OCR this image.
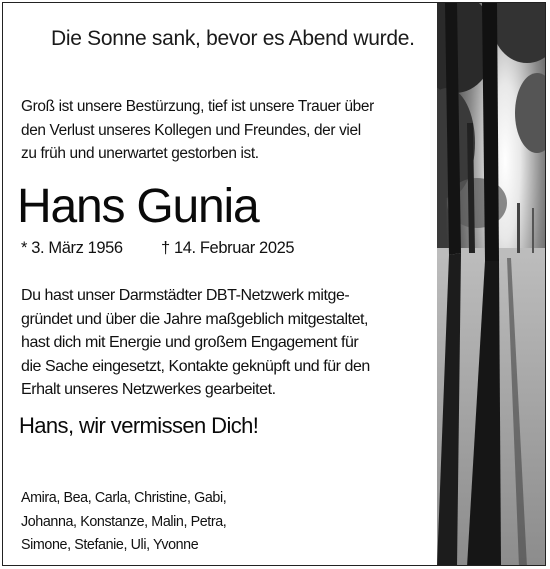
Die Sonne sank, bevor es Abend wurde.
Groß ist unsere Bestürzung, tief ist unsere Trauer über
den Verlust unseres Kollegen und Freundes, der viel
zu früh und unerwartet gestorben ist.
Hans Gunia
* 3. März 1956 † 14. Februar 2025
Du hast unser Darmstädter DBT-Netzwerk mitge-
gründet und über die Jahre maßgeblich mitgestaltet,
hast dich mit Energie und großem Engagement für
die Sache eingesetzt, Kontakte geknüpft und für den
Erhalt unseres Netzwerkes gearbeitet.
Hans, wir vermissen Dich!
Amira, Bea, Carla, Christine, Gabi,
Johanna, Konstanze, Malin, Petra,
Simone, Stefanie, Uli, Yvonne
